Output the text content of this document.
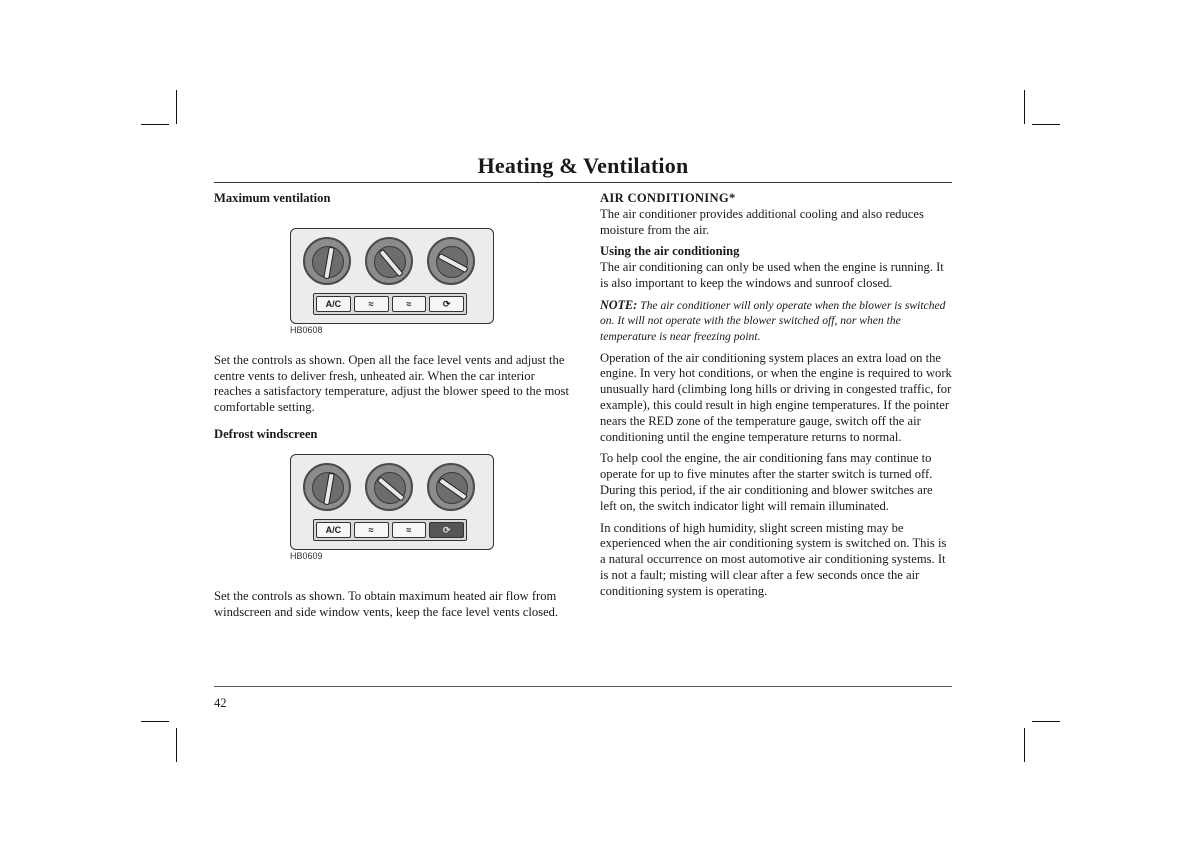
Heating & Ventilation

Maximum ventilation

Set the controls as shown. Open all the face level vents and adjust the centre vents to deliver fresh, unheated air. When the car interior reaches a satisfactory temperature, adjust the blower speed to the most comfortable setting.

Defrost windscreen

Set the controls as shown. To obtain maximum heated air flow from windscreen and side window vents, keep the face level vents closed.

A/C	≈	≈	⟳
HB0608
A/C	≈	≈	⟳
HB0609

AIR CONDITIONING*

The air conditioner provides additional cooling and also reduces moisture from the air.

Using the air conditioning

The air conditioning can only be used when the engine is running. It is also important to keep the windows and sunroof closed.

NOTE: The air conditioner will only operate when the blower is switched on. It will not operate with the blower switched off, nor when the temperature is near freezing point.

Operation of the air conditioning system places an extra load on the engine. In very hot conditions, or when the engine is required to work unusually hard (climbing long hills or driving in congested traffic, for example), this could result in high engine temperatures. If the pointer nears the RED zone of the temperature gauge, switch off the air conditioning until the engine temperature returns to normal.

To help cool the engine, the air conditioning fans may continue to operate for up to five minutes after the starter switch is turned off. During this period, if the air conditioning and blower switches are left on, the switch indicator light will remain illuminated.

In conditions of high humidity, slight screen misting may be experienced when the air conditioning system is switched on. This is a natural occurrence on most automotive air conditioning systems. It is not a fault; misting will clear after a few seconds once the air conditioning system is operating.

42
